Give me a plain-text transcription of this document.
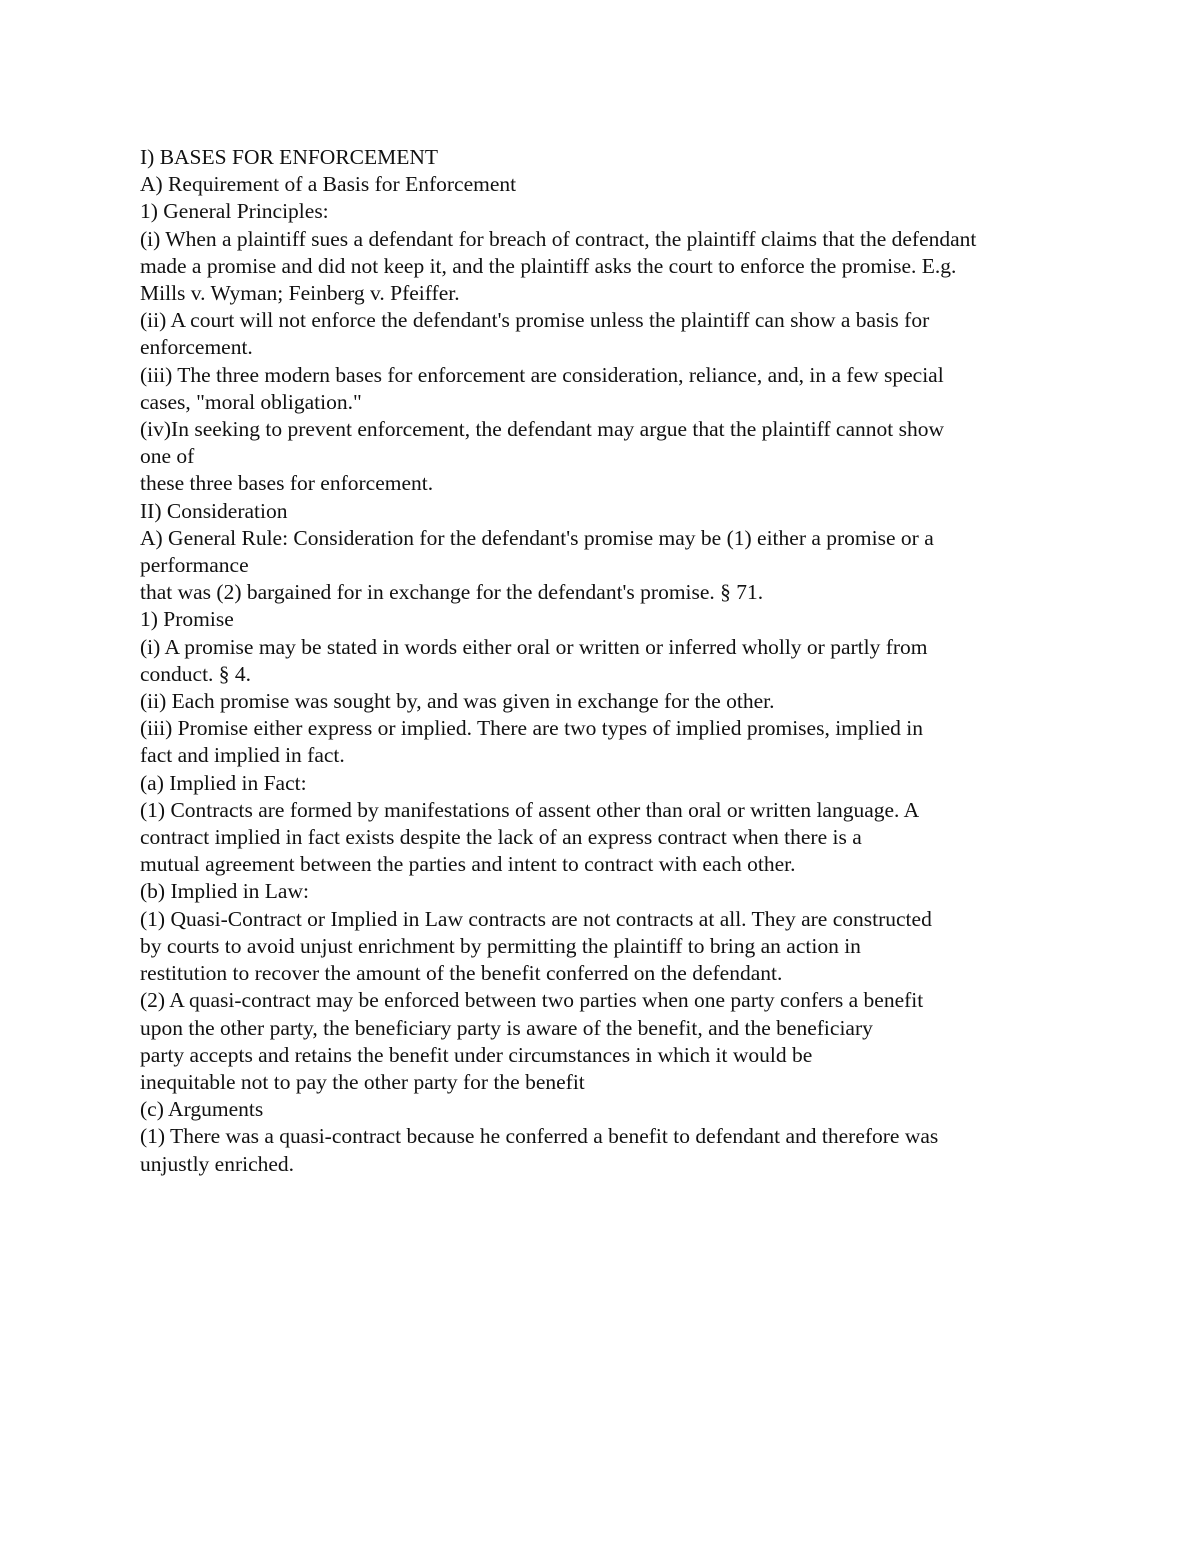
I) BASES FOR ENFORCEMENT
A) Requirement of a Basis for Enforcement
1) General Principles:
(i) When a plaintiff sues a defendant for breach of contract, the plaintiff claims that the defendant
made a promise and did not keep it, and the plaintiff asks the court to enforce the promise. E.g.
Mills v. Wyman; Feinberg v. Pfeiffer.
(ii) A court will not enforce the defendant's promise unless the plaintiff can show a basis for
enforcement.
(iii) The three modern bases for enforcement are consideration, reliance, and, in a few special
cases, "moral obligation."
(iv)In seeking to prevent enforcement, the defendant may argue that the plaintiff cannot show
one of
these three bases for enforcement.
II) Consideration
A) General Rule: Consideration for the defendant's promise may be (1) either a promise or a
performance
that was (2) bargained for in exchange for the defendant's promise. § 71.
1) Promise
(i) A promise may be stated in words either oral or written or inferred wholly or partly from
conduct. § 4.
(ii) Each promise was sought by, and was given in exchange for the other.
(iii) Promise either express or implied. There are two types of implied promises, implied in
fact and implied in fact.
(a) Implied in Fact:
(1) Contracts are formed by manifestations of assent other than oral or written language. A
contract implied in fact exists despite the lack of an express contract when there is a
mutual agreement between the parties and intent to contract with each other.
(b) Implied in Law:
(1) Quasi-Contract or Implied in Law contracts are not contracts at all. They are constructed
by courts to avoid unjust enrichment by permitting the plaintiff to bring an action in
restitution to recover the amount of the benefit conferred on the defendant.
(2) A quasi-contract may be enforced between two parties when one party confers a benefit
upon the other party, the beneficiary party is aware of the benefit, and the beneficiary
party accepts and retains the benefit under circumstances in which it would be
inequitable not to pay the other party for the benefit
(c) Arguments
(1) There was a quasi-contract because he conferred a benefit to defendant and therefore was
unjustly enriched.
